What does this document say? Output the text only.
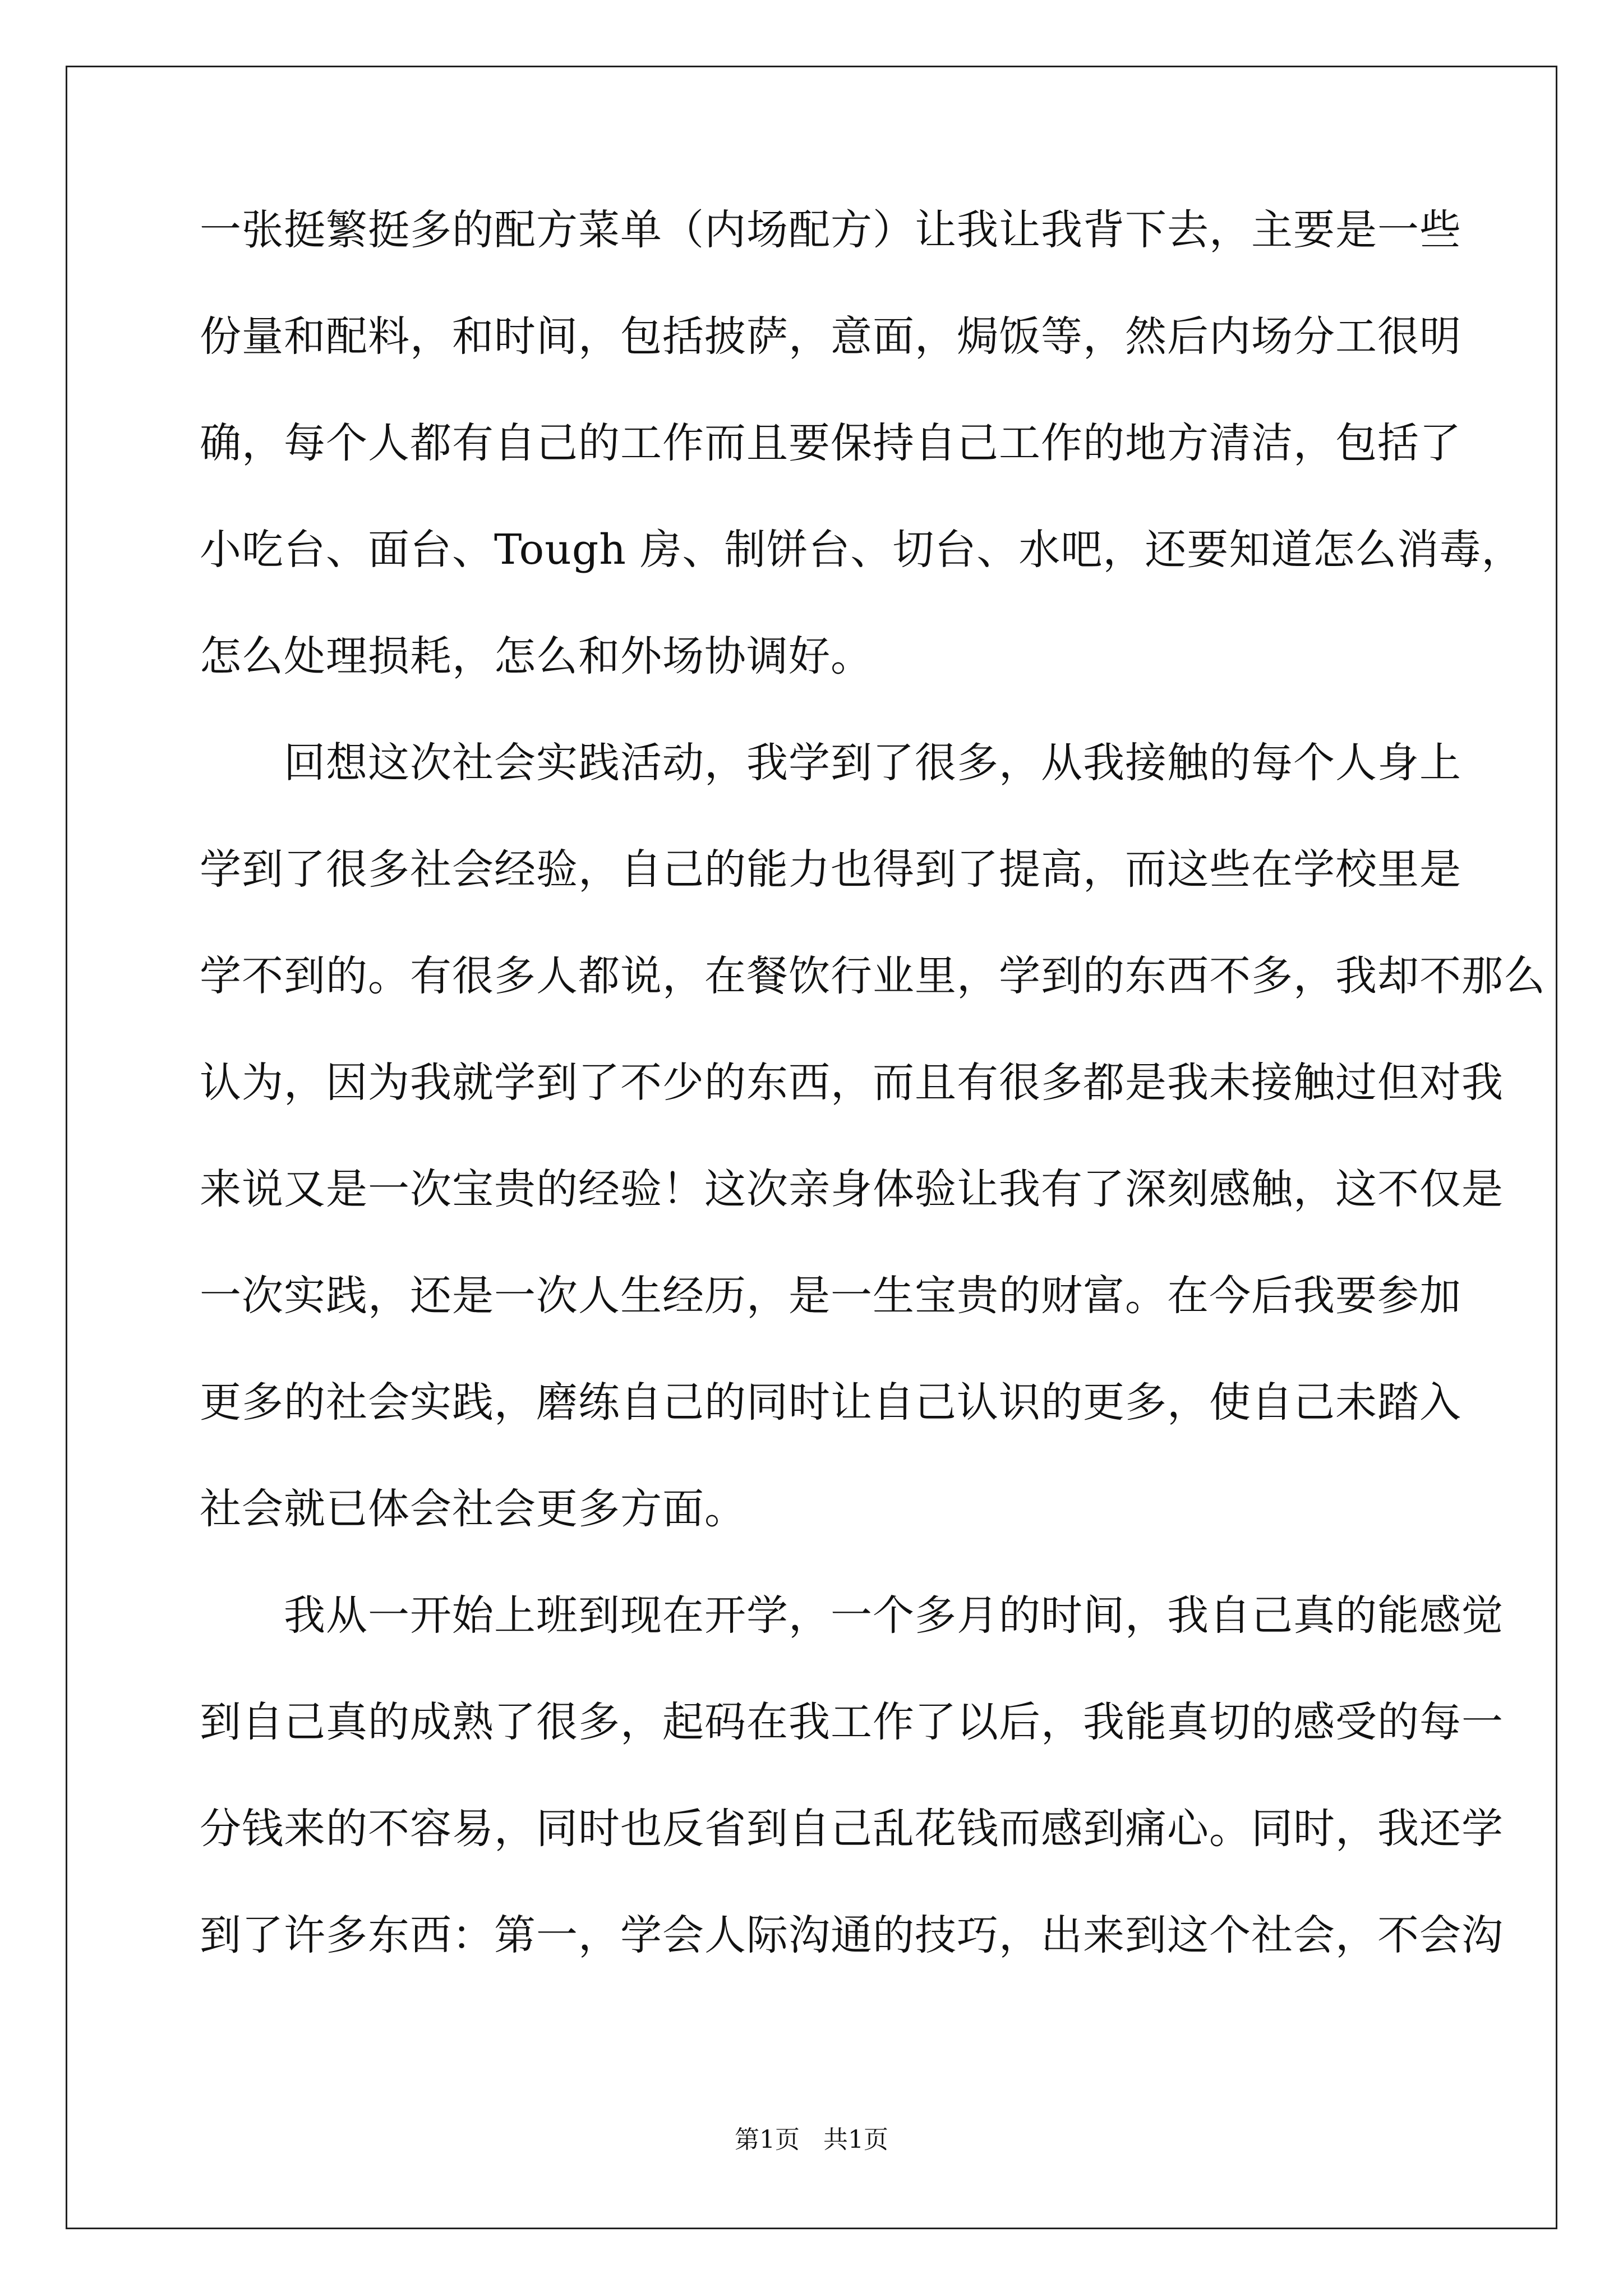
一张挺繁挺多的配方菜单（内场配方）让我让我背下去，主要是一些
份量和配料，和时间，包括披萨，意面，焗饭等，然后内场分工很明
确，每个人都有自己的工作而且要保持自己工作的地方清洁，包括了
小吃台、面台、Tough 房、制饼台、切台、水吧，还要知道怎么消毒，
怎么处理损耗，怎么和外场协调好。
回想这次社会实践活动，我学到了很多，从我接触的每个人身上
学到了很多社会经验，自己的能力也得到了提高，而这些在学校里是
学不到的。有很多人都说，在餐饮行业里，学到的东西不多，我却不那么
认为，因为我就学到了不少的东西，而且有很多都是我未接触过但对我
来说又是一次宝贵的经验！这次亲身体验让我有了深刻感触，这不仅是
一次实践，还是一次人生经历，是一生宝贵的财富。在今后我要参加
更多的社会实践，磨练自己的同时让自己认识的更多，使自己未踏入
社会就已体会社会更多方面。
我从一开始上班到现在开学，一个多月的时间，我自己真的能感觉
到自己真的成熟了很多，起码在我工作了以后，我能真切的感受的每一
分钱来的不容易，同时也反省到自己乱花钱而感到痛心。同时，我还学
到了许多东西：第一，学会人际沟通的技巧，出来到这个社会，不会沟
第1页   共1页
